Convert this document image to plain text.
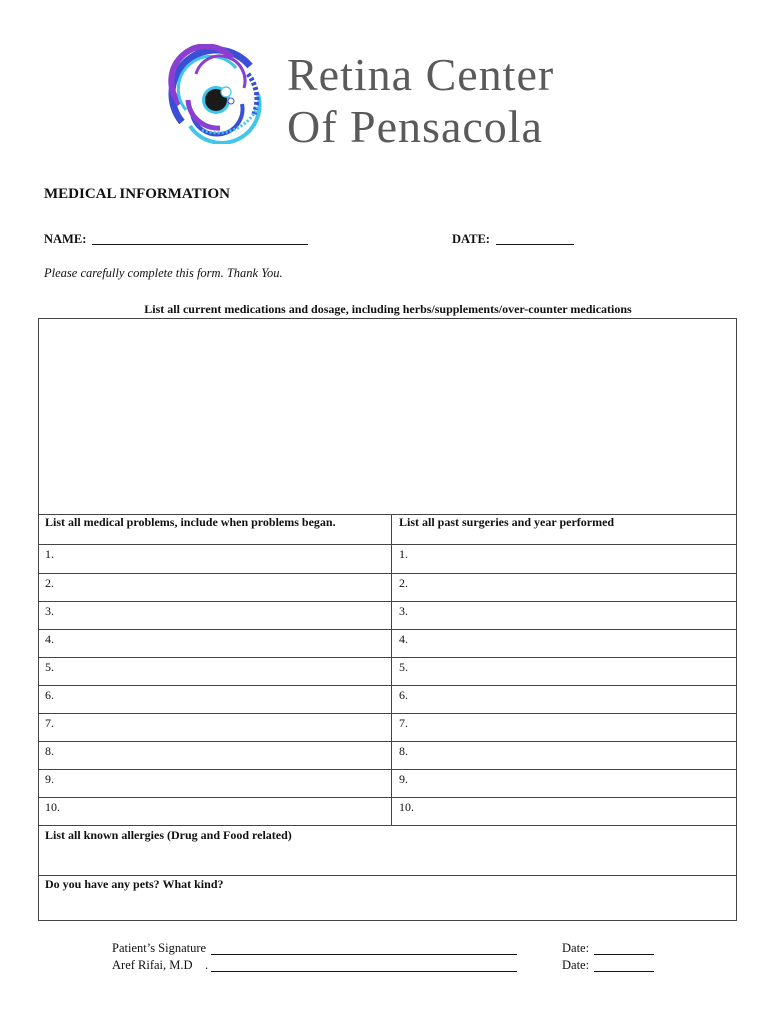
Retina Center
Of Pensacola
MEDICAL INFORMATION
NAME:	DATE:
Please carefully complete this form. Thank You.
List all current medications and dosage, including herbs/supplements/over-counter medications
List all medical problems, include when problems began.	List all past surgeries and year performed
1.
2.
3.
4.
5.
6.
7.
8.
9.
10.
1.
2.
3.
4.
5.
6.
7.
8.
9.
10.
List all known allergies (Drug and Food related)
Do you have any pets? What kind?
Patient’s Signature
Aref Rifai, M.D .
Date:
Date:
